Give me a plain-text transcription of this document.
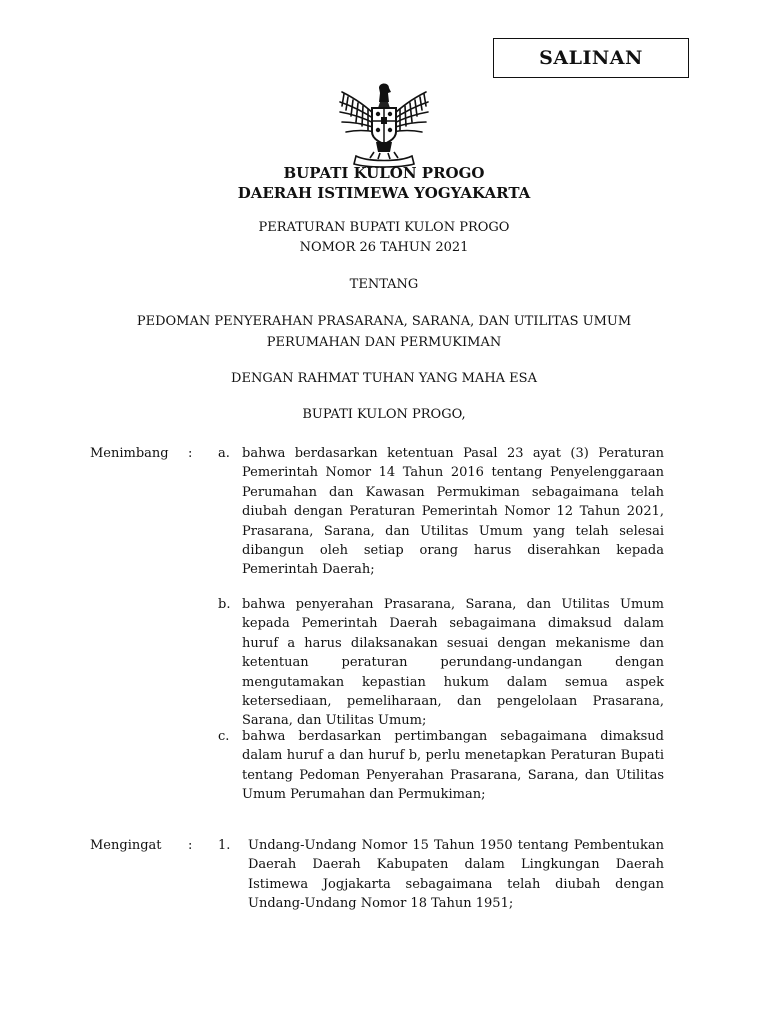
SALINAN
BUPATI KULON PROGO
DAERAH ISTIMEWA YOGYAKARTA
PERATURAN BUPATI KULON PROGO
NOMOR 26 TAHUN 2021
TENTANG
PEDOMAN PENYERAHAN PRASARANA, SARANA, DAN UTILITAS UMUM
PERUMAHAN DAN PERMUKIMAN
DENGAN RAHMAT TUHAN YANG MAHA ESA
BUPATI KULON PROGO,
Menimbang : a. bahwa berdasarkan ketentuan Pasal 23 ayat (3) Peraturan Pemerintah Nomor 14 Tahun 2016 tentang Penyelenggaraan Perumahan dan Kawasan Permukiman sebagaimana telah diubah dengan Peraturan Pemerintah Nomor 12 Tahun 2021, Prasarana, Sarana, dan Utilitas Umum yang telah selesai dibangun oleh setiap orang harus diserahkan kepada Pemerintah Daerah;
b. bahwa penyerahan Prasarana, Sarana, dan Utilitas Umum kepada Pemerintah Daerah sebagaimana dimaksud dalam huruf a harus dilaksanakan sesuai dengan mekanisme dan ketentuan peraturan perundang-undangan dengan mengutamakan kepastian hukum dalam semua aspek ketersediaan, pemeliharaan, dan pengelolaan Prasarana, Sarana, dan Utilitas Umum;
c. bahwa berdasarkan pertimbangan sebagaimana dimaksud dalam huruf a dan huruf b, perlu menetapkan Peraturan Bupati tentang Pedoman Penyerahan Prasarana, Sarana, dan Utilitas Umum Perumahan dan Permukiman;
Mengingat : 1. Undang-Undang Nomor 15 Tahun 1950 tentang Pembentukan Daerah Daerah Kabupaten dalam Lingkungan Daerah Istimewa Jogjakarta sebagaimana telah diubah dengan Undang-Undang Nomor 18 Tahun 1951;
